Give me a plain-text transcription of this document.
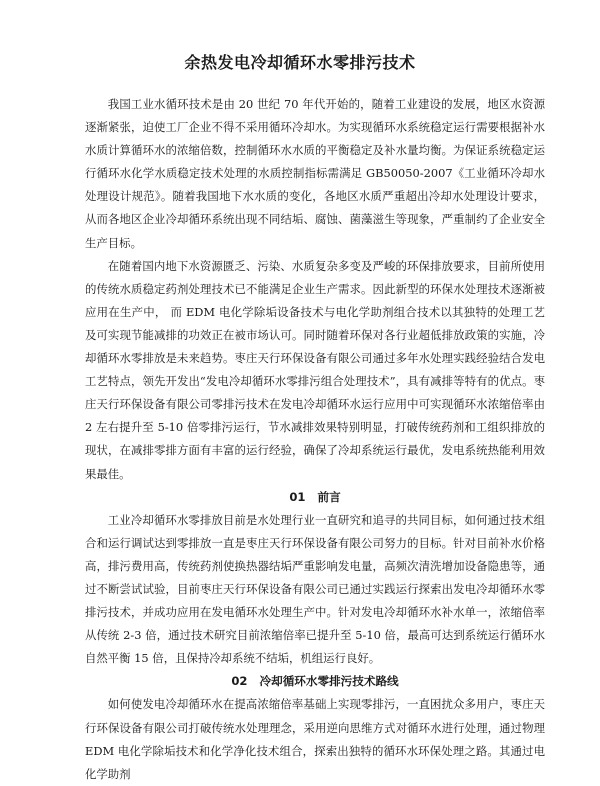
余热发电冷却循环水零排污技术

我国工业水循环技术是由 20 世纪 70 年代开始的，随着工业建设的发展，地区水资源逐渐紧张，迫使工厂企业不得不采用循环冷却水。为实现循环水系统稳定运行需要根据补水水质计算循环水的浓缩倍数，控制循环水水质的平衡稳定及补水量均衡。为保证系统稳定运行循环水化学水质稳定技术处理的水质控制指标需满足 GB50050-2007《工业循环冷却水处理设计规范》。随着我国地下水水质的变化，各地区水质严重超出冷却水处理设计要求，从而各地区企业冷却循环系统出现不同结垢、腐蚀、菌藻滋生等现象，严重制约了企业安全生产目标。

在随着国内地下水资源匮乏、污染、水质复杂多变及严峻的环保排放要求，目前所使用的传统水质稳定药剂处理技术已不能满足企业生产需求。因此新型的环保水处理技术逐渐被应用在生产中， 而 EDM 电化学除垢设备技术与电化学助剂组合技术以其独特的处理工艺及可实现节能减排的功效正在被市场认可。同时随着环保对各行业超低排放政策的实施，冷却循环水零排放是未来趋势。枣庄天行环保设备有限公司通过多年水处理实践经验结合发电工艺特点，领先开发出“发电冷却循环水零排污组合处理技术”，具有减排等特有的优点。枣庄天行环保设备有限公司零排污技术在发电冷却循环水运行应用中可实现循环水浓缩倍率由 2 左右提升至 5-10 倍零排污运行，节水减排效果特别明显，打破传统药剂和工组织排放的现状，在减排零排方面有丰富的运行经验，确保了冷却系统运行最优，发电系统热能利用效果最佳。

01 前言

工业冷却循环水零排放目前是水处理行业一直研究和追寻的共同目标，如何通过技术组合和运行调试达到零排放一直是枣庄天行环保设备有限公司努力的目标。针对目前补水价格高，排污费用高，传统药剂使换热器结垢严重影响发电量，高频次清洗增加设备隐患等，通过不断尝试试验，目前枣庄天行环保设备有限公司已通过实践运行探索出发电冷却循环水零排污技术，并成功应用在发电循环水处理生产中。针对发电冷却循环水补水单一，浓缩倍率从传统 2-3 倍，通过技术研究目前浓缩倍率已提升至 5-10 倍，最高可达到系统运行循环水自然平衡 15 倍，且保持冷却系统不结垢，机组运行良好。

02 冷却循环水零排污技术路线

如何使发电冷却循环水在提高浓缩倍率基础上实现零排污，一直困扰众多用户，枣庄天行环保设备有限公司打破传统水处理理念，采用逆向思维方式对循环水进行处理，通过物理 EDM 电化学除垢技术和化学净化技术组合，探索出独特的循环水环保处理之路。其通过电化学助剂
